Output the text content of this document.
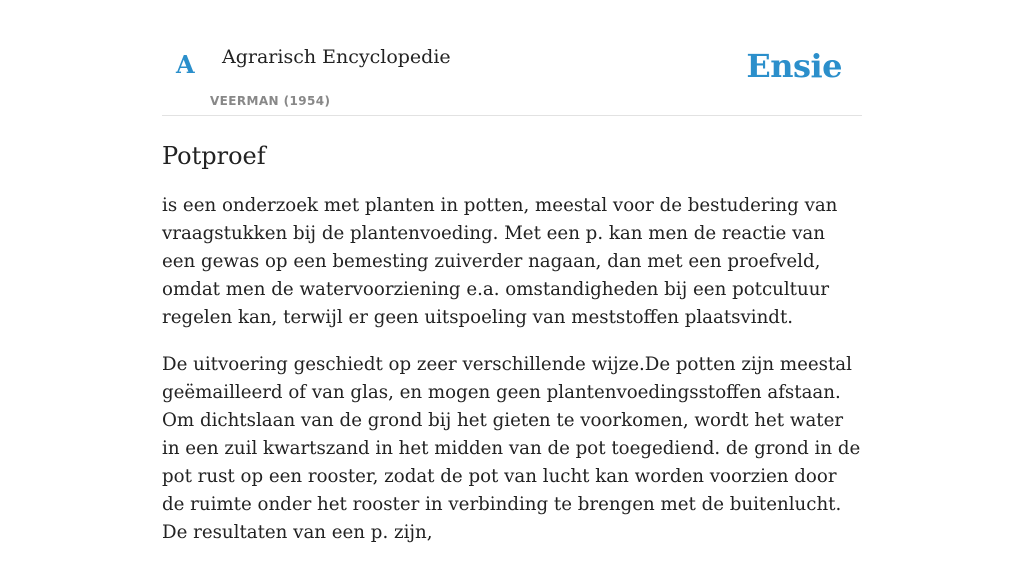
A Agrarisch Encyclopedie
VEERMAN (1954)
Ensie
Potproef

is een onderzoek met planten in potten, meestal voor de bestudering van vraagstukken bij de plantenvoeding. Met een p. kan men de reactie van een gewas op een bemesting zuiverder nagaan, dan met een proefveld, omdat men de watervoorziening e.a. omstandigheden bij een potcultuur regelen kan, terwijl er geen uitspoeling van meststoffen plaatsvindt.

De uitvoering geschiedt op zeer verschillende wijze.De potten zijn meestal geëmailleerd of van glas, en mogen geen plantenvoedingsstoffen afstaan. Om dichtslaan van de grond bij het gieten te voorkomen, wordt het water in een zuil kwartszand in het midden van de pot toegediend. de grond in de pot rust op een rooster, zodat de pot van lucht kan worden voorzien door de ruimte onder het rooster in verbinding te brengen met de buitenlucht. De resultaten van een p. zijn,
